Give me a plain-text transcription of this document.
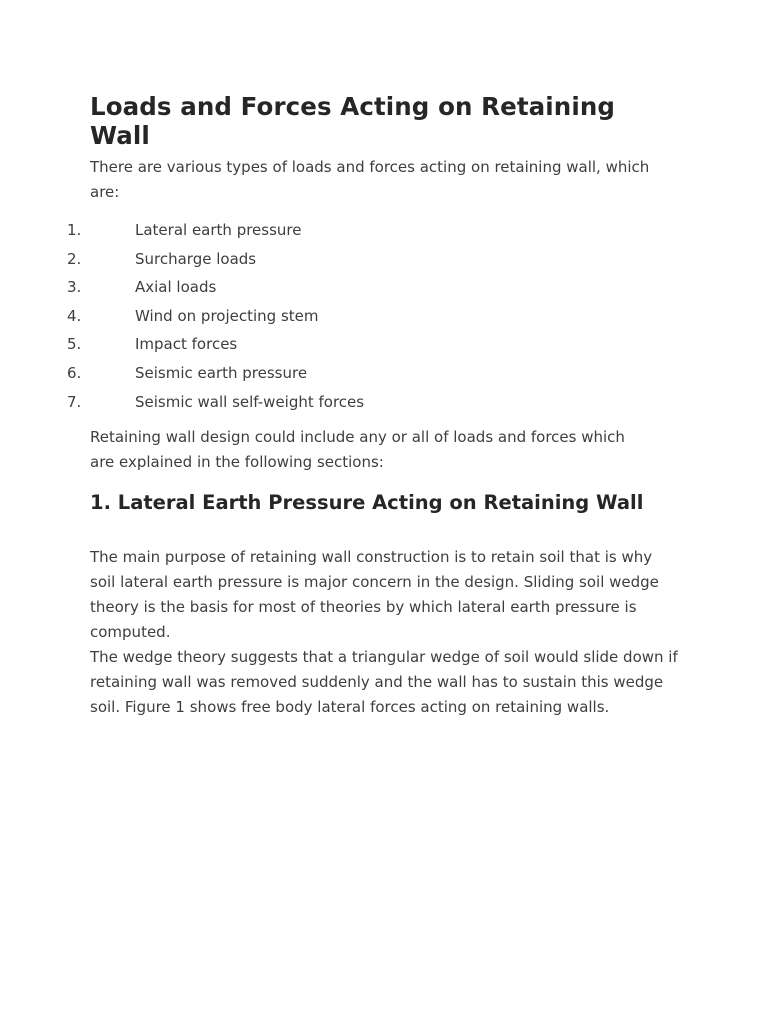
Loads and Forces Acting on Retaining Wall

There are various types of loads and forces acting on retaining wall, which are:

1.	Lateral earth pressure
2.	Surcharge loads
3.	Axial loads
4.	Wind on projecting stem
5.	Impact forces
6.	Seismic earth pressure
7.	Seismic wall self-weight forces

Retaining wall design could include any or all of loads and forces which are explained in the following sections:

1. Lateral Earth Pressure Acting on Retaining Wall

The main purpose of retaining wall construction is to retain soil that is why soil lateral earth pressure is major concern in the design. Sliding soil wedge theory is the basis for most of theories by which lateral earth pressure is computed.

The wedge theory suggests that a triangular wedge of soil would slide down if retaining wall was removed suddenly and the wall has to sustain this wedge soil. Figure 1 shows free body lateral forces acting on retaining walls.
